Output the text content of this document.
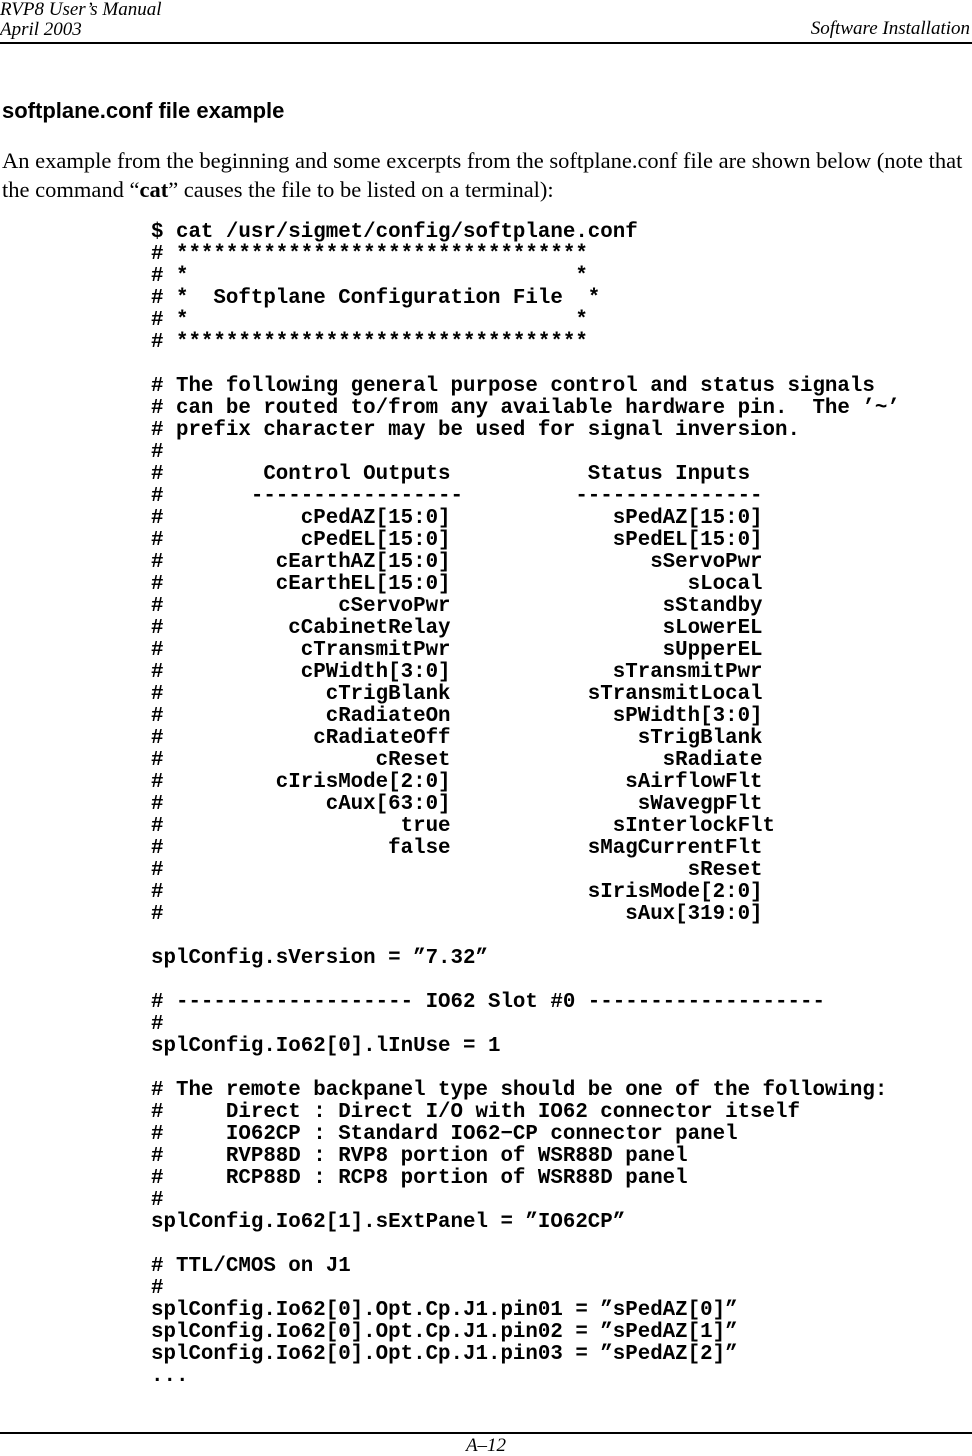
RVP8 User’s Manual
April 2003	Software Installation
softplane.conf file example

An example from the beginning and some excerpts from the softplane.conf file are shown below (note that the command “cat” causes the file to be listed on a terminal):

$ cat /usr/sigmet/config/softplane.conf
# *********************************
# *                               *
# *  Softplane Configuration File  *
# *                               *
# *********************************
# The following general purpose control and status signals
# can be routed to/from any available hardware pin.  The ’~’
# prefix character may be used for signal inversion.
#
#        Control Outputs           Status Inputs
#       -----------------         ---------------
#           cPedAZ[15:0]             sPedAZ[15:0]
#           cPedEL[15:0]             sPedEL[15:0]
#         cEarthAZ[15:0]                sServoPwr
#         cEarthEL[15:0]                   sLocal
#              cServoPwr                 sStandby
#          cCabinetRelay                 sLowerEL
#           cTransmitPwr                 sUpperEL
#           cPWidth[3:0]             sTransmitPwr
#             cTrigBlank           sTransmitLocal
#             cRadiateOn             sPWidth[3:0]
#            cRadiateOff               sTrigBlank
#                 cReset                 sRadiate
#         cIrisMode[2:0]              sAirflowFlt
#             cAux[63:0]               sWavegpFlt
#                   true             sInterlockFlt
#                  false           sMagCurrentFlt
#                                          sReset
#                                  sIrisMode[2:0]
#                                     sAux[319:0]
splConfig.sVersion = ”7.32”
# ------------------- IO62 Slot #0 -------------------
#
splConfig.Io62[0].lInUse = 1
# The remote backpanel type should be one of the following:
#     Direct : Direct I/O with IO62 connector itself
#     IO62CP : Standard IO62−CP connector panel
#     RVP88D : RVP8 portion of WSR88D panel
#     RCP88D : RCP8 portion of WSR88D panel
#
splConfig.Io62[1].sExtPanel = ”IO62CP”
# TTL/CMOS on J1
#
splConfig.Io62[0].Opt.Cp.J1.pin01 = ”sPedAZ[0]”
splConfig.Io62[0].Opt.Cp.J1.pin02 = ”sPedAZ[1]”
splConfig.Io62[0].Opt.Cp.J1.pin03 = ”sPedAZ[2]”
...
A–12
